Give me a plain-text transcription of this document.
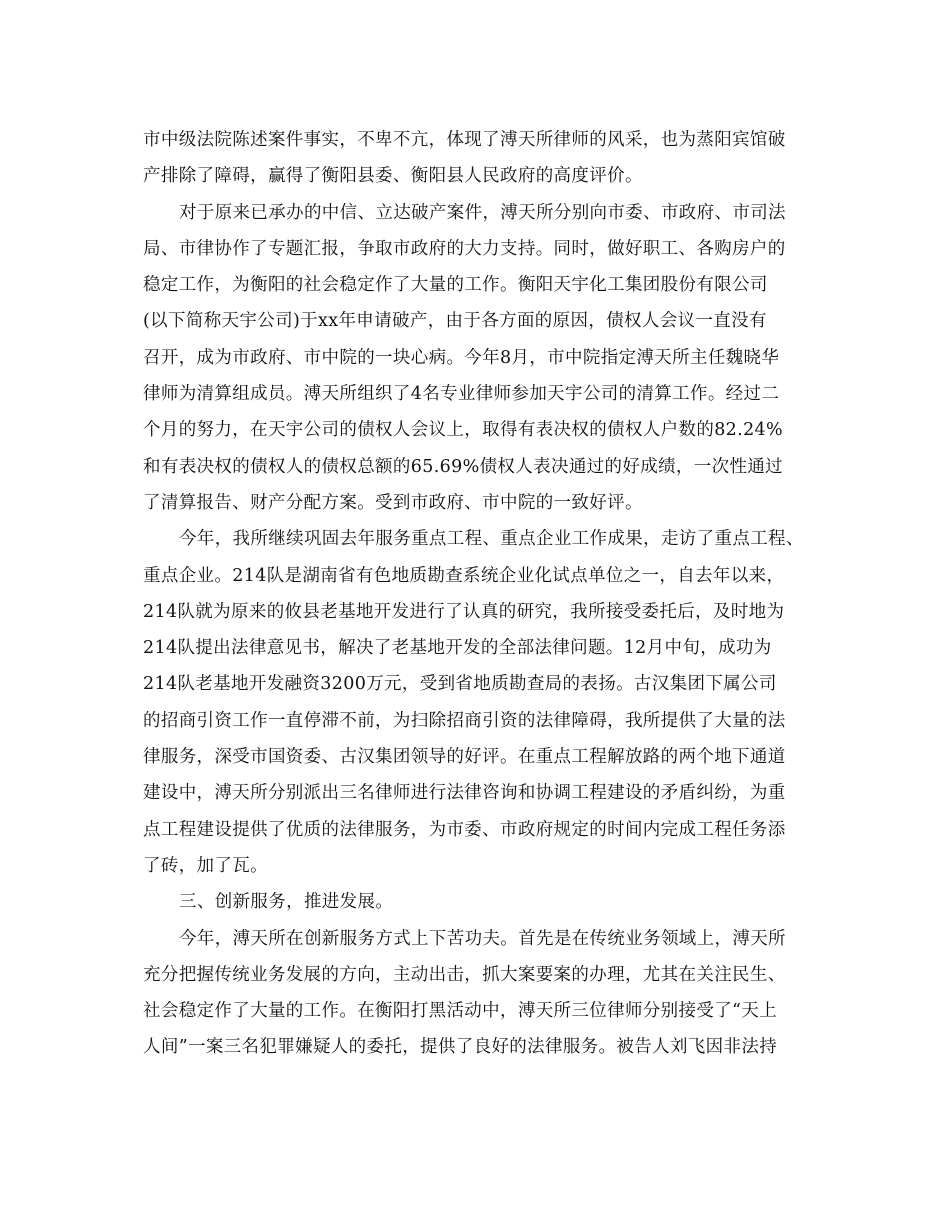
市中级法院陈述案件事实，不卑不亢，体现了溥天所律师的风采，也为蒸阳宾馆破
产排除了障碍，赢得了衡阳县委、衡阳县人民政府的高度评价。
对于原来已承办的中信、立达破产案件，溥天所分别向市委、市政府、市司法
局、市律协作了专题汇报，争取市政府的大力支持。同时，做好职工、各购房户的
稳定工作，为衡阳的社会稳定作了大量的工作。衡阳天宇化工集团股份有限公司
(以下简称天宇公司)于xx年申请破产，由于各方面的原因，债权人会议一直没有
召开，成为市政府、市中院的一块心病。今年8月，市中院指定溥天所主任魏晓华
律师为清算组成员。溥天所组织了4名专业律师参加天宇公司的清算工作。经过二
个月的努力，在天宇公司的债权人会议上，取得有表决权的债权人户数的82.24%
和有表决权的债权人的债权总额的65.69%债权人表决通过的好成绩，一次性通过
了清算报告、财产分配方案。受到市政府、市中院的一致好评。
今年，我所继续巩固去年服务重点工程、重点企业工作成果，走访了重点工程、
重点企业。214队是湖南省有色地质勘查系统企业化试点单位之一，自去年以来，
214队就为原来的攸县老基地开发进行了认真的研究，我所接受委托后，及时地为
214队提出法律意见书，解决了老基地开发的全部法律问题。12月中旬，成功为
214队老基地开发融资3200万元，受到省地质勘查局的表扬。古汉集团下属公司
的招商引资工作一直停滞不前，为扫除招商引资的法律障碍，我所提供了大量的法
律服务，深受市国资委、古汉集团领导的好评。在重点工程解放路的两个地下通道
建设中，溥天所分别派出三名律师进行法律咨询和协调工程建设的矛盾纠纷，为重
点工程建设提供了优质的法律服务，为市委、市政府规定的时间内完成工程任务添
了砖，加了瓦。
三、创新服务，推进发展。
今年，溥天所在创新服务方式上下苦功夫。首先是在传统业务领域上，溥天所
充分把握传统业务发展的方向，主动出击，抓大案要案的办理，尤其在关注民生、
社会稳定作了大量的工作。在衡阳打黑活动中，溥天所三位律师分别接受了“天上
人间”一案三名犯罪嫌疑人的委托，提供了良好的法律服务。被告人刘飞因非法持
